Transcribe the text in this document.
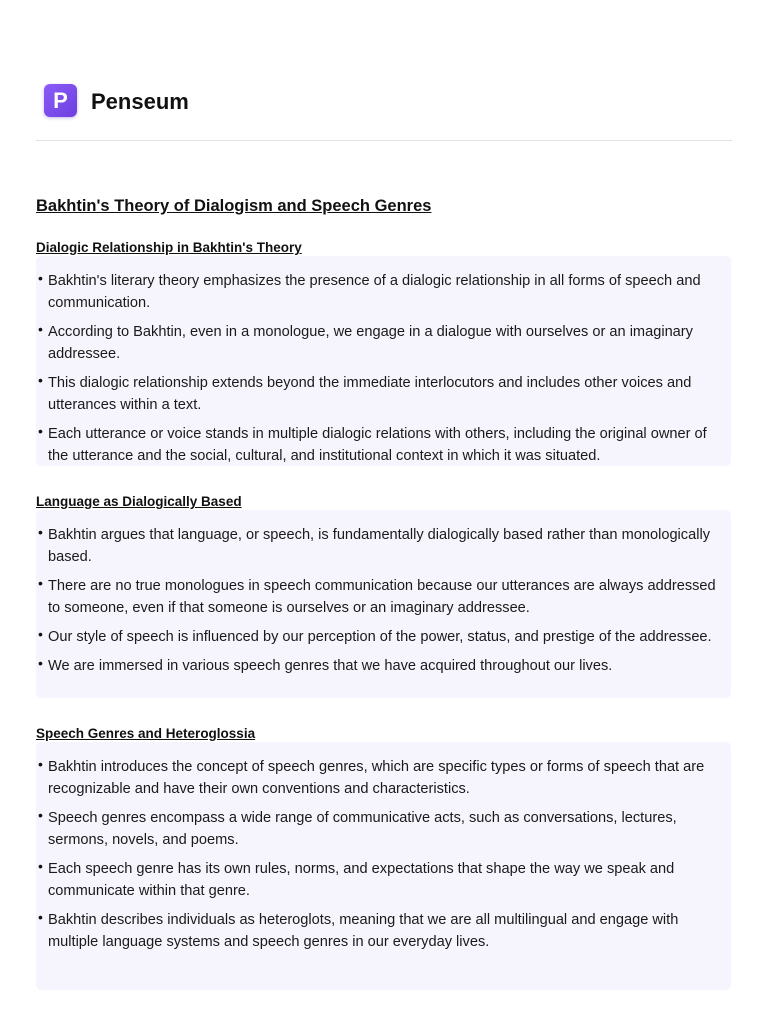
P	Penseum
Bakhtin's Theory of Dialogism and Speech Genres
Dialogic Relationship in Bakhtin's Theory
• Bakhtin's literary theory emphasizes the presence of a dialogic relationship in all forms of speech and communication.
• According to Bakhtin, even in a monologue, we engage in a dialogue with ourselves or an imaginary addressee.
• This dialogic relationship extends beyond the immediate interlocutors and includes other voices and utterances within a text.
• Each utterance or voice stands in multiple dialogic relations with others, including the original owner of the utterance and the social, cultural, and institutional context in which it was situated.
Language as Dialogically Based
• Bakhtin argues that language, or speech, is fundamentally dialogically based rather than monologically based.
• There are no true monologues in speech communication because our utterances are always addressed to someone, even if that someone is ourselves or an imaginary addressee.
• Our style of speech is influenced by our perception of the power, status, and prestige of the addressee.
• We are immersed in various speech genres that we have acquired throughout our lives.
Speech Genres and Heteroglossia
• Bakhtin introduces the concept of speech genres, which are specific types or forms of speech that are recognizable and have their own conventions and characteristics.
• Speech genres encompass a wide range of communicative acts, such as conversations, lectures, sermons, novels, and poems.
• Each speech genre has its own rules, norms, and expectations that shape the way we speak and communicate within that genre.
• Bakhtin describes individuals as heteroglots, meaning that we are all multilingual and engage with multiple language systems and speech genres in our everyday lives.
